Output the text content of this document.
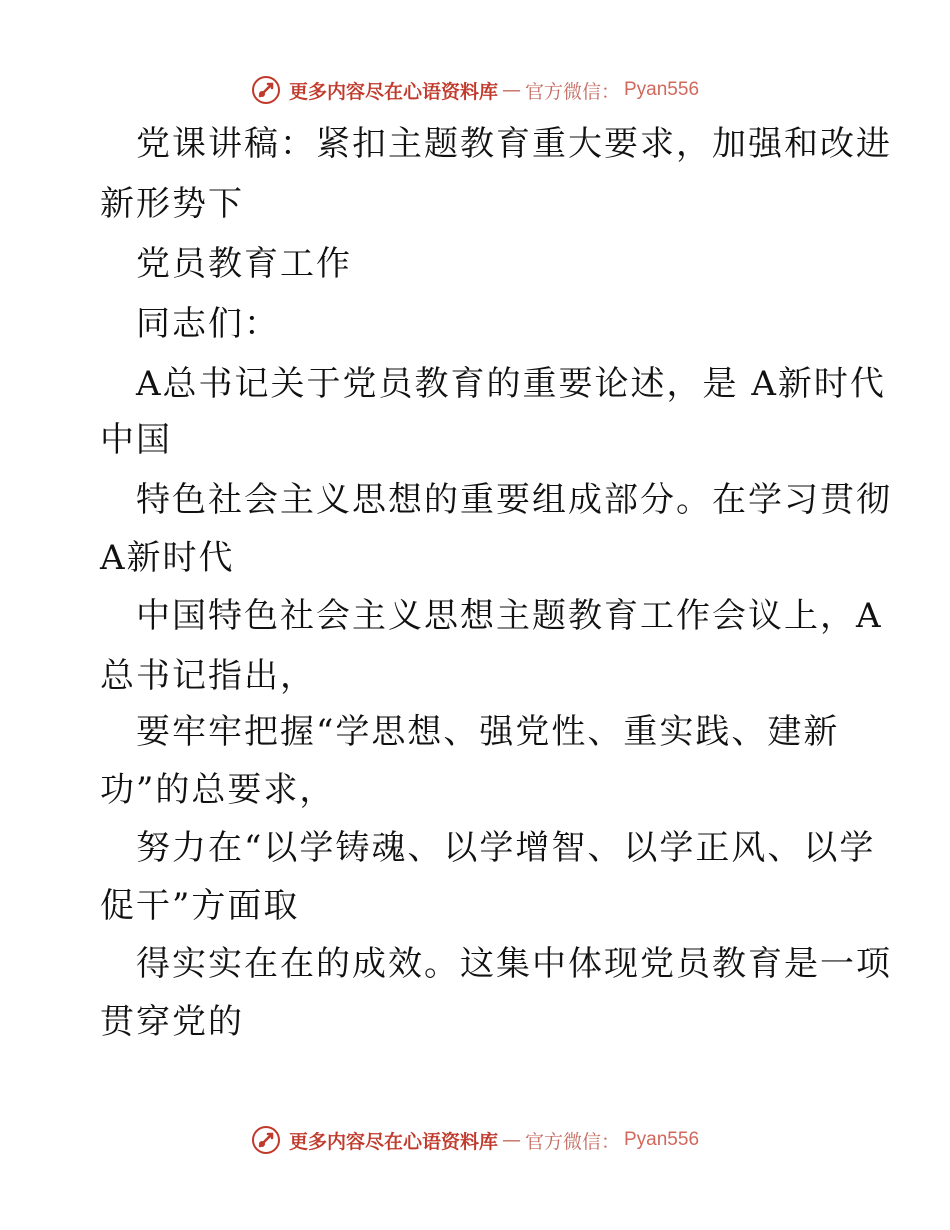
更多内容尽在心语资料库 — 官方微信： Pyan556
党课讲稿：紧扣主题教育重大要求，加强和改进
新形势下
党员教育工作
同志们：
A总书记关于党员教育的重要论述，是 A新时代
中国
特色社会主义思想的重要组成部分。在学习贯彻
A新时代
中国特色社会主义思想主题教育工作会议上，A
总书记指出，
要牢牢把握“学思想、强党性、重实践、建新
功”的总要求，
努力在“以学铸魂、以学增智、以学正风、以学
促干”方面取
得实实在在的成效。这集中体现党员教育是一项
贯穿党的
更多内容尽在心语资料库 — 官方微信： Pyan556
